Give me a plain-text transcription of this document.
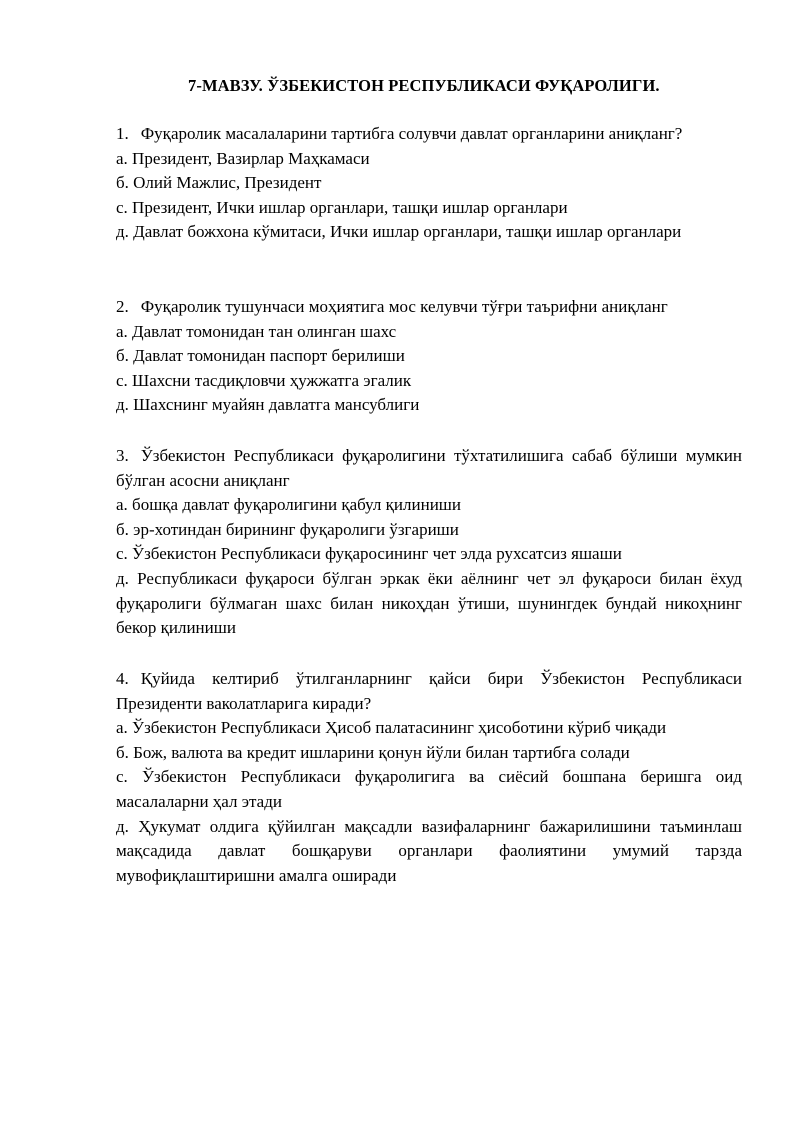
7-МАВЗУ. ЎЗБЕКИСТОН РЕСПУБЛИКАСИ ФУҚАРОЛИГИ.
1. Фуқаролик масалаларини тартибга солувчи давлат органларини аниқланг?
а. Президент, Вазирлар Маҳкамаси
б. Олий Мажлис, Президент
с. Президент, Ички ишлар органлари, ташқи ишлар органлари
д. Давлат божхона кўмитаси, Ички ишлар органлари, ташқи ишлар органлари
2. Фуқаролик тушунчаси моҳиятига мос келувчи тўғри таърифни аниқланг
а. Давлат томонидан тан олинган шахс
б. Давлат томонидан паспорт берилиши
с. Шахсни тасдиқловчи ҳужжатга эгалик
д. Шахснинг муайян давлатга мансублиги
3. Ўзбекистон Республикаси фуқаролигини тўхтатилишига сабаб бўлиши мумкин бўлган асосни аниқланг
а. бошқа давлат фуқаролигини қабул қилиниши
б. эр-хотиндан бирининг фуқаролиги ўзгариши
с. Ўзбекистон Республикаси фуқаросининг чет элда рухсатсиз яшаши
д. Республикаси фуқароси бўлган эркак ёки аёлнинг чет эл фуқароси билан ёхуд фуқаролиги бўлмаган шахс билан никоҳдан ўтиши, шунингдек бундай никоҳнинг бекор қилиниши
4. Қуйида келтириб ўтилганларнинг қайси бири Ўзбекистон Республикаси Президенти ваколатларига киради?
а. Ўзбекистон Республикаси Ҳисоб палатасининг ҳисоботини кўриб чиқади
б. Бож, валюта ва кредит ишларини қонун йўли билан тартибга солади
с. Ўзбекистон Республикаси фуқаролигига ва сиёсий бошпана беришга оид масалаларни ҳал этади
д. Ҳукумат олдига қўйилган мақсадли вазифаларнинг бажарилишини таъминлаш мақсадида давлат бошқаруви органлари фаолиятини умумий тарзда мувофиқлаштиришни амалга оширади
